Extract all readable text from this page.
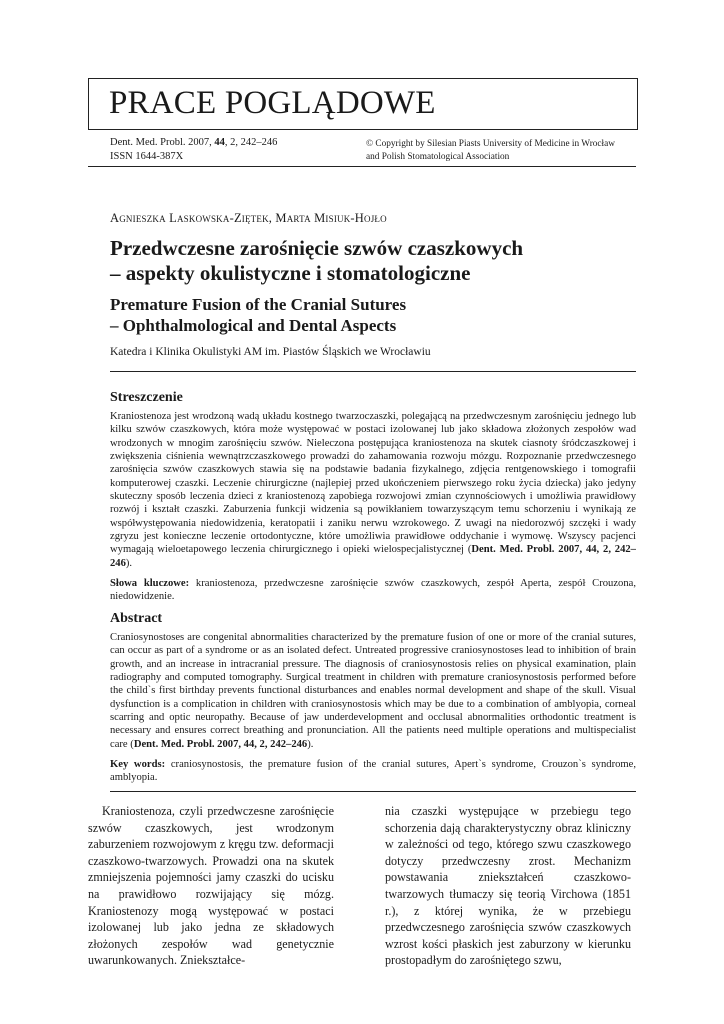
PRACE POGLĄDOWE
Dent. Med. Probl. 2007, 44, 2, 242–246
ISSN 1644-387X
© Copyright by Silesian Piasts University of Medicine in Wrocław
and Polish Stomatological Association
Agnieszka Laskowska-Ziętek, Marta Misiuk-Hojło
Przedwczesne zarośnięcie szwów czaszkowych
– aspekty okulistyczne i stomatologiczne
Premature Fusion of the Cranial Sutures
– Ophthalmological and Dental Aspects
Katedra i Klinika Okulistyki AM im. Piastów Śląskich we Wrocławiu
Streszczenie
Kraniostenoza jest wrodzoną wadą układu kostnego twarzoczaszki, polegającą na przedwczesnym zarośnięciu jednego lub kilku szwów czaszkowych, która może występować w postaci izolowanej lub jako składowa złożonych zespołów wad wrodzonych w mnogim zarośnięciu szwów. Nieleczona postępująca kraniostenoza na skutek ciasnoty śródczaszkowej i zwiększenia ciśnienia wewnątrzczaszkowego prowadzi do zahamowania rozwoju mózgu. Rozpoznanie przedwczesnego zarośnięcia szwów czaszkowych stawia się na podstawie badania fizykalnego, zdjęcia rentgenowskiego i tomografii komputerowej czaszki. Leczenie chirurgiczne (najlepiej przed ukończeniem pierwszego roku życia dziecka) jako jedyny skuteczny sposób leczenia dzieci z kraniostenozą zapobiega rozwojowi zmian czynnościowych i umożliwia prawidłowy rozwój i kształt czaszki. Zaburzenia funkcji widzenia są powikłaniem towarzyszącym temu schorzeniu i wynikają ze współwystępowania niedowidzenia, keratopatii i zaniku nerwu wzrokowego. Z uwagi na niedorozwój szczęki i wady zgryzu jest konieczne leczenie ortodontyczne, które umożliwia prawidłowe oddychanie i wymowę. Wszyscy pacjenci wymagają wieloetapowego leczenia chirurgicznego i opieki wielospecjalistycznej (Dent. Med. Probl. 2007, 44, 2, 242–246).
Słowa kluczowe: kraniostenoza, przedwczesne zarośnięcie szwów czaszkowych, zespół Aperta, zespół Crouzona, niedowidzenie.
Abstract
Craniosynostoses are congenital abnormalities characterized by the premature fusion of one or more of the cranial sutures, can occur as part of a syndrome or as an isolated defect. Untreated progressive craniosynostoses lead to inhibition of brain growth, and an increase in intracranial pressure. The diagnosis of craniosynostosis relies on physical examination, plain radiography and computed tomography. Surgical treatment in children with premature craniosynostosis performed before the child`s first birthday prevents functional disturbances and enables normal development and shape of the skull. Visual dysfunction is a complication in children with craniosynostosis which may be due to a combination of amblyopia, corneal scarring and optic neuropathy. Because of jaw underdevelopment and occlusal abnormalities orthodontic treatment is necessary and ensures correct breathing and pronunciation. All the patients need multiple operations and multispecialist care (Dent. Med. Probl. 2007, 44, 2, 242–246).
Key words: craniosynostosis, the premature fusion of the cranial sutures, Apert`s syndrome, Crouzon`s syndrome, amblyopia.
Kraniostenoza, czyli przedwczesne zarośnięcie szwów czaszkowych, jest wrodzonym zaburzeniem rozwojowym z kręgu tzw. deformacji czaszkowo-twarzowych. Prowadzi ona na skutek zmniejszenia pojemności jamy czaszki do ucisku na prawidłowo rozwijający się mózg. Kraniostenozy mogą występować w postaci izolowanej lub jako jedna ze składowych złożonych zespołów wad genetycznie uwarunkowanych. Zniekształce-
nia czaszki występujące w przebiegu tego schorzenia dają charakterystyczny obraz kliniczny w zależności od tego, którego szwu czaszkowego dotyczy przedwczesny zrost. Mechanizm powstawania zniekształceń czaszkowo-twarzowych tłumaczy się teorią Virchowa (1851 r.), z której wynika, że w przebiegu przedwczesnego zarośnięcia szwów czaszkowych wzrost kości płaskich jest zaburzony w kierunku prostopadłym do zarośniętego szwu,
